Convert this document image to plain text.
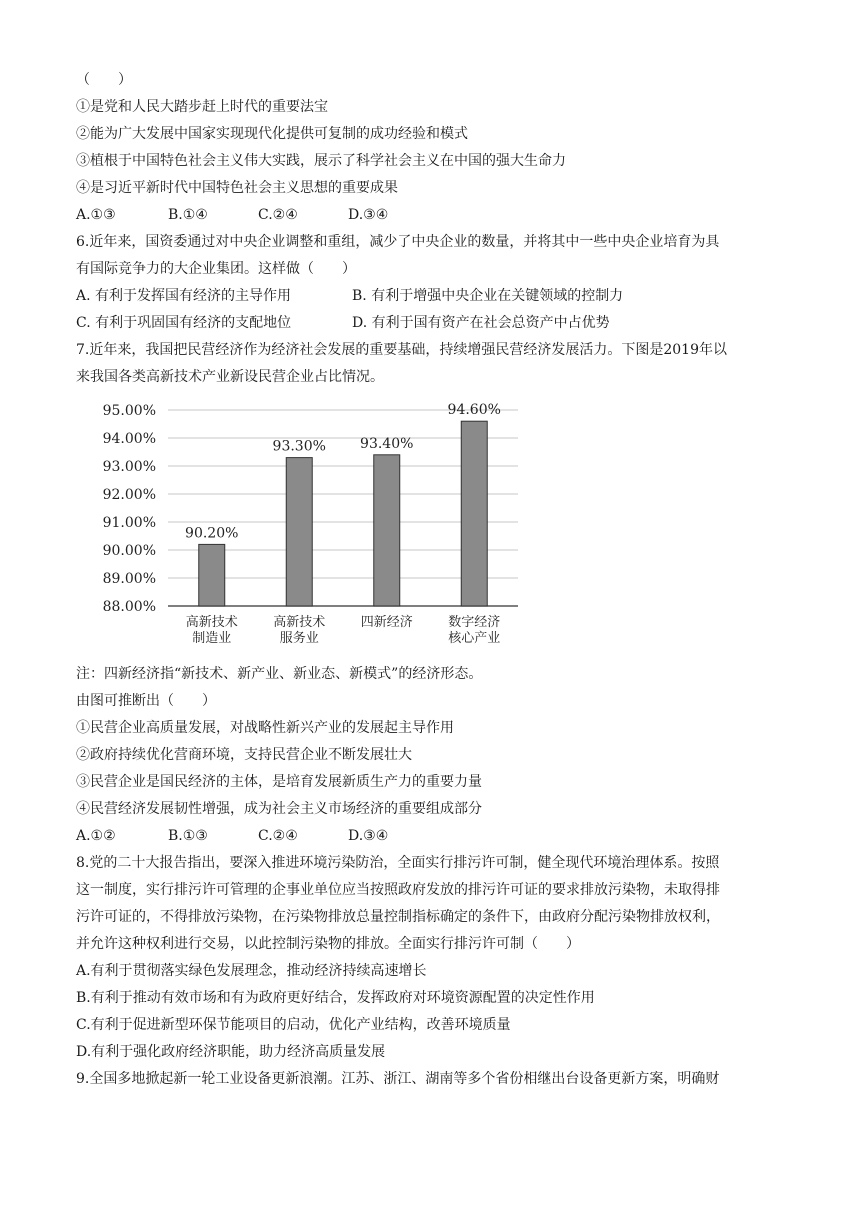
（　　）
①是党和人民大踏步赶上时代的重要法宝
②能为广大发展中国家实现现代化提供可复制的成功经验和模式
③植根于中国特色社会主义伟大实践，展示了科学社会主义在中国的强大生命力
④是习近平新时代中国特色社会主义思想的重要成果
A.①③	B.①④	C.②④	D.③④
6.近年来，国资委通过对中央企业调整和重组，减少了中央企业的数量，并将其中一些中央企业培育为具
有国际竞争力的大企业集团。这样做（　　）
A. 有利于发挥国有经济的主导作用	B. 有利于增强中央企业在关键领域的控制力
C. 有利于巩固国有经济的支配地位	D. 有利于国有资产在社会总资产中占优势
7.近年来，我国把民营经济作为经济社会发展的重要基础，持续增强民营经济发展活力。下图是2019年以
来我国各类高新技术产业新设民营企业占比情况。
88.00%
89.00%
90.00%
91.00%
92.00%
93.00%
94.00%
95.00%
90.20%
93.30% 93.40%
94.60%
高新技术
制造业
高新技术
服务业
四新经济	数字经济
核心产业
注：四新经济指“新技术、新产业、新业态、新模式”的经济形态。
由图可推断出（　　）
①民营企业高质量发展，对战略性新兴产业的发展起主导作用
②政府持续优化营商环境，支持民营企业不断发展壮大
③民营企业是国民经济的主体，是培育发展新质生产力的重要力量
④民营经济发展韧性增强，成为社会主义市场经济的重要组成部分
A.①②	B.①③	C.②④	D.③④
8.党的二十大报告指出，要深入推进环境污染防治，全面实行排污许可制，健全现代环境治理体系。按照
这一制度，实行排污许可管理的企事业单位应当按照政府发放的排污许可证的要求排放污染物，未取得排
污许可证的，不得排放污染物，在污染物排放总量控制指标确定的条件下，由政府分配污染物排放权利，
并允许这种权利进行交易，以此控制污染物的排放。全面实行排污许可制（　　）
A.有利于贯彻落实绿色发展理念，推动经济持续高速增长
B.有利于推动有效市场和有为政府更好结合，发挥政府对环境资源配置的决定性作用
C.有利于促进新型环保节能项目的启动，优化产业结构，改善环境质量
D.有利于强化政府经济职能，助力经济高质量发展
9.全国多地掀起新一轮工业设备更新浪潮。江苏、浙江、湖南等多个省份相继出台设备更新方案，明确财
